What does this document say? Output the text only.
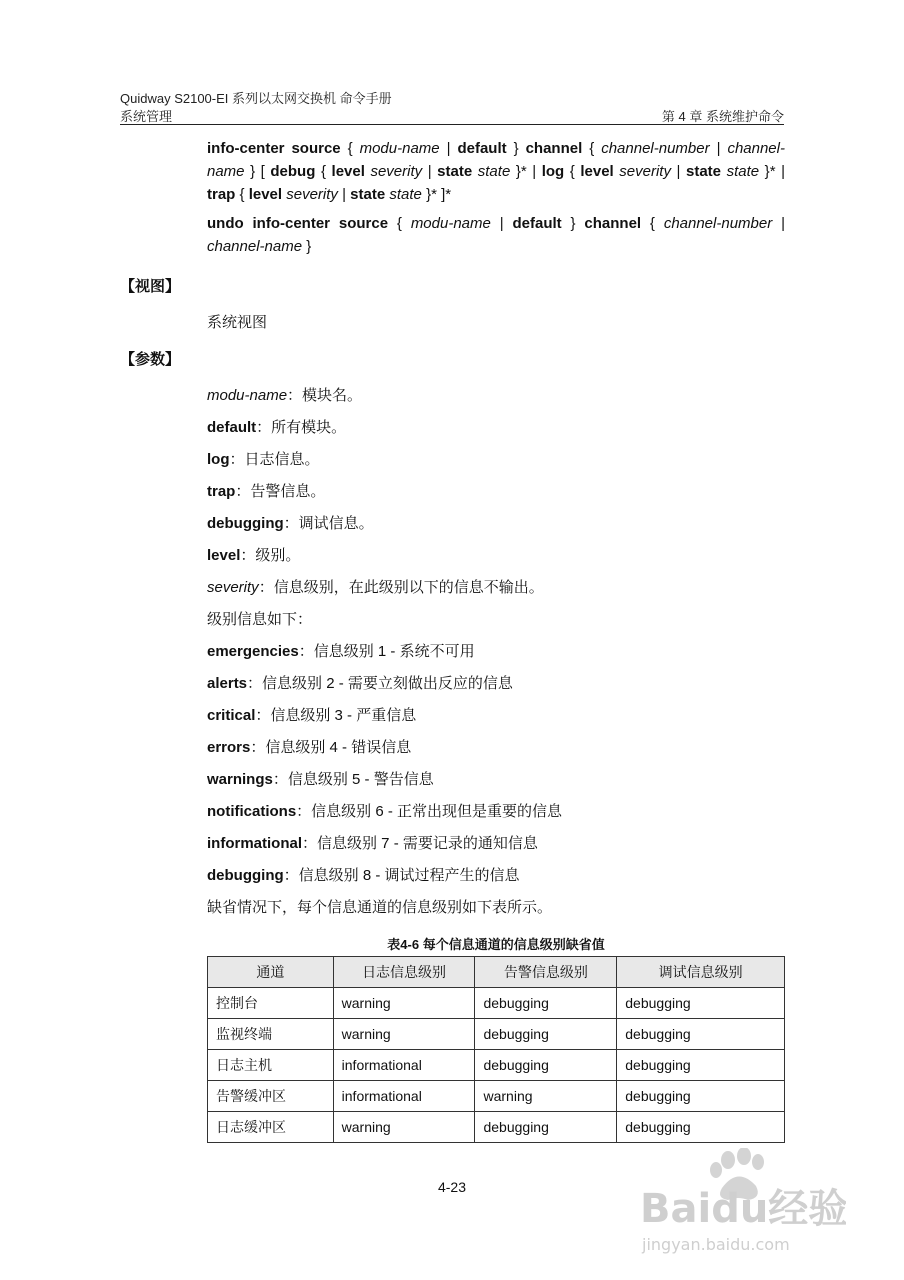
Quidway S2100-EI 系列以太网交换机 命令手册
系统管理	第 4 章 系统维护命令
info-center source { modu-name | default } channel { channel-number | channel-name } [ debug { level severity | state state }* | log { level severity | state state }* | trap { level severity | state state }* ]*
undo info-center source { modu-name | default } channel { channel-number | channel-name }
【视图】
系统视图
【参数】
modu-name：模块名。
default：所有模块。
log：日志信息。
trap：告警信息。
debugging：调试信息。
level：级别。
severity：信息级别，在此级别以下的信息不输出。
级别信息如下：
emergencies：信息级别 1 - 系统不可用
alerts：信息级别 2 - 需要立刻做出反应的信息
critical：信息级别 3 - 严重信息
errors：信息级别 4 - 错误信息
warnings：信息级别 5 - 警告信息
notifications：信息级别 6 - 正常出现但是重要的信息
informational：信息级别 7 - 需要记录的通知信息
debugging：信息级别 8 - 调试过程产生的信息
缺省情况下，每个信息通道的信息级别如下表所示。
表4-6 每个信息通道的信息级别缺省值
通道	日志信息级别	告警信息级别	调试信息级别
控制台	warning	debugging	debugging
监视终端	warning	debugging	debugging
日志主机	informational	debugging	debugging
告警缓冲区	informational	warning	debugging
日志缓冲区	warning	debugging	debugging
4-23	Baidu经验
jingyan.baidu.com
